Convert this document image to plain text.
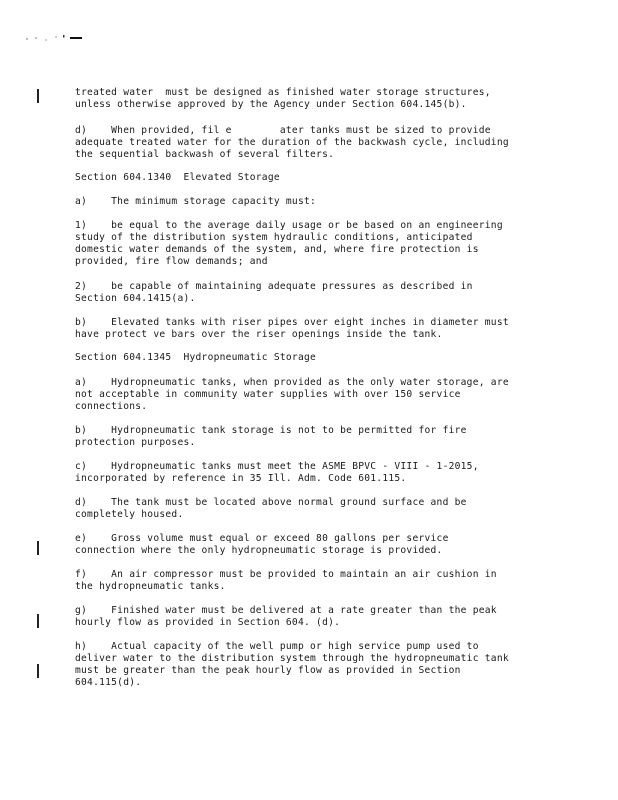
treated water  must be designed as finished water storage structures,
unless otherwise approved by the Agency under Section 604.145(b).
d)    When provided, fil e        ater tanks must be sized to provide
adequate treated water for the duration of the backwash cycle, including
the sequential backwash of several filters.
Section 604.1340  Elevated Storage
a)    The minimum storage capacity must:
1)    be equal to the average daily usage or be based on an engineering
study of the distribution system hydraulic conditions, anticipated
domestic water demands of the system, and, where fire protection is
provided, fire flow demands; and
2)    be capable of maintaining adequate pressures as described in
Section 604.1415(a).
b)    Elevated tanks with riser pipes over eight inches in diameter must
have protect ve bars over the riser openings inside the tank.
Section 604.1345  Hydropneumatic Storage
a)    Hydropneumatic tanks, when provided as the only water storage, are
not acceptable in community water supplies with over 150 service
connections.
b)    Hydropneumatic tank storage is not to be permitted for fire
protection purposes.
c)    Hydropneumatic tanks must meet the ASME BPVC - VIII - 1-2015,
incorporated by reference in 35 Ill. Adm. Code 601.115.
d)    The tank must be located above normal ground surface and be
completely housed.
e)    Gross volume must equal or exceed 80 gallons per service
connection where the only hydropneumatic storage is provided.
f)    An air compressor must be provided to maintain an air cushion in
the hydropneumatic tanks.
g)    Finished water must be delivered at a rate greater than the peak
hourly flow as provided in Section 604. (d).
h)    Actual capacity of the well pump or high service pump used to
deliver water to the distribution system through the hydropneumatic tank
must be greater than the peak hourly flow as provided in Section
604.115(d).
